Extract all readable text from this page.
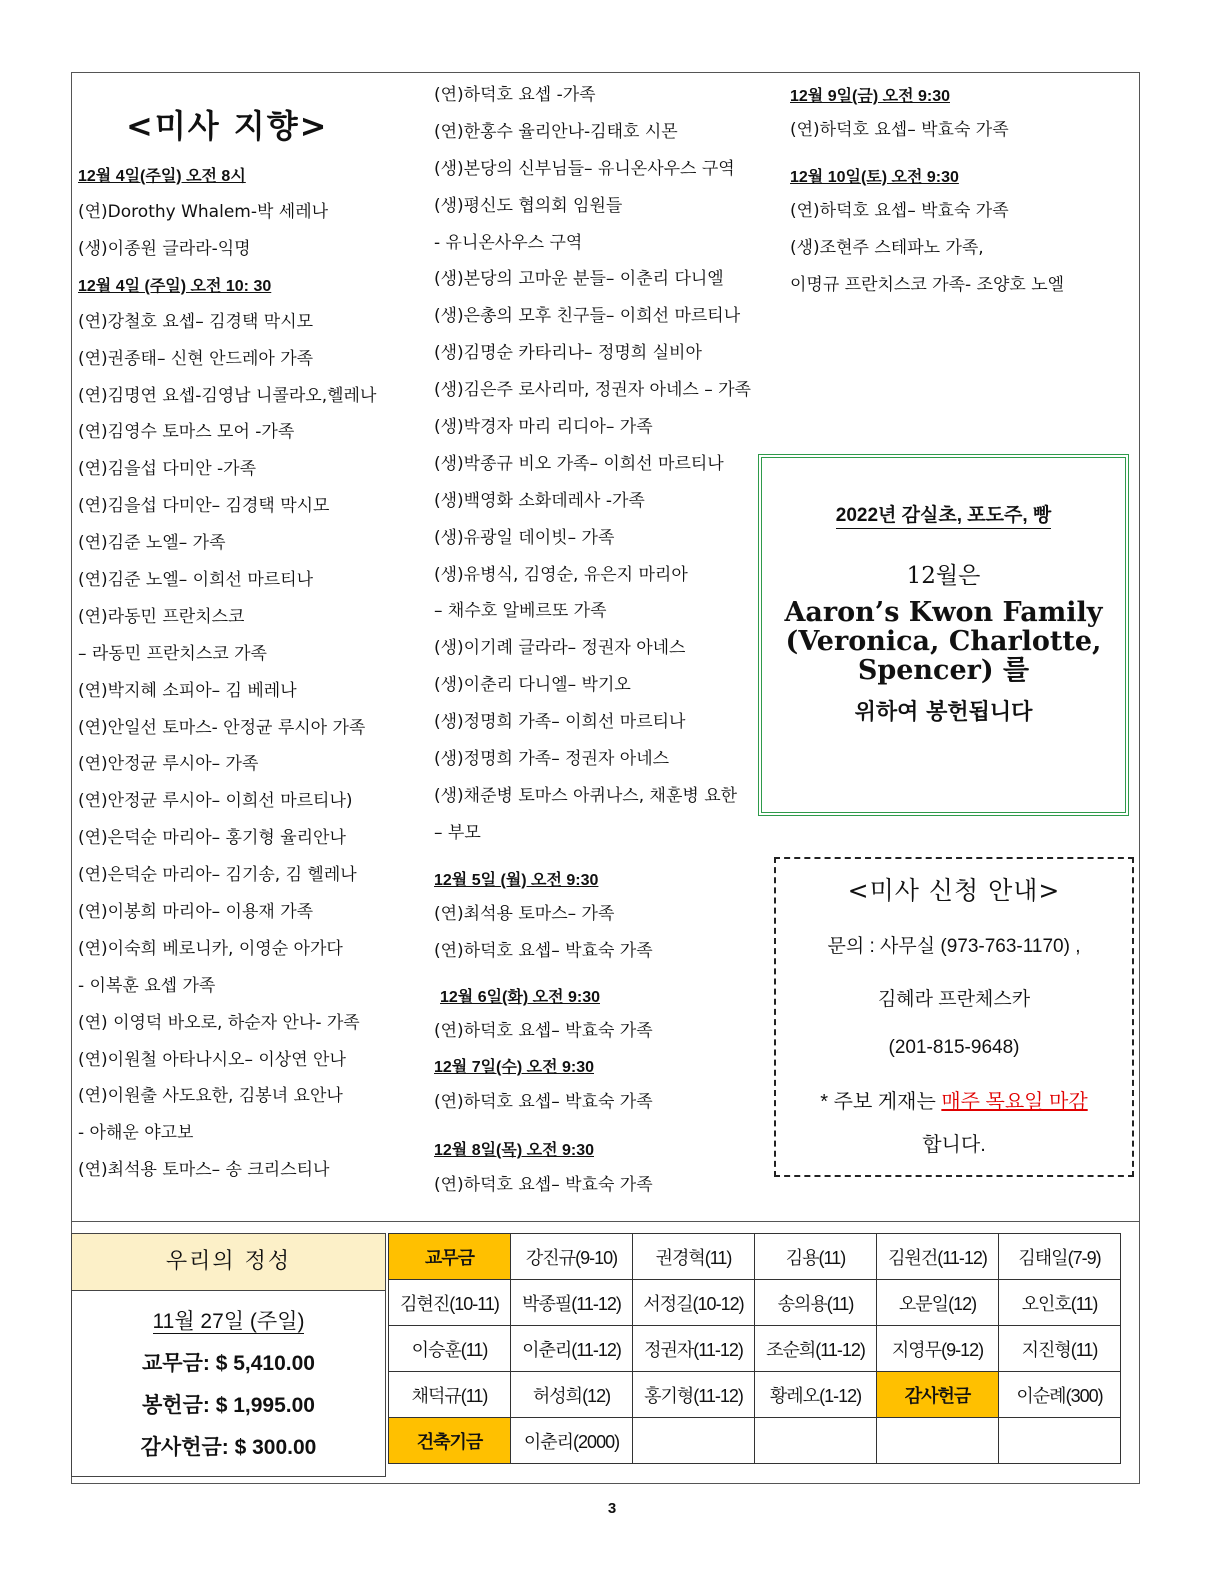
<미사 지향>
12월 4일(주일) 오전 8시
(연)Dorothy Whalem-박 세레나
(생)이종원 글라라-익명
12월 4일 (주일) 오전 10: 30
(연)강철호 요셉– 김경택 막시모
(연)권종태– 신현 안드레아 가족
(연)김명연 요셉-김영남 니콜라오,헬레나
(연)김영수 토마스 모어 -가족
(연)김을섭 다미안 -가족
(연)김을섭 다미안– 김경택 막시모
(연)김준 노엘– 가족
(연)김준 노엘– 이희선 마르티나
(연)라동민 프란치스코
– 라동민 프란치스코 가족
(연)박지혜 소피아– 김 베레나
(연)안일선 토마스- 안정균 루시아 가족
(연)안정균 루시아– 가족
(연)안정균 루시아– 이희선 마르티나)
(연)은덕순 마리아– 홍기형 율리안나
(연)은덕순 마리아– 김기송, 김 헬레나
(연)이봉희 마리아– 이용재 가족
(연)이숙희 베로니카, 이영순 아가다
- 이복훈 요셉 가족
(연) 이영덕 바오로, 하순자 안나- 가족
(연)이원철 아타나시오– 이상연 안나
(연)이원출 사도요한, 김봉녀 요안나
- 아해운 야고보
(연)최석용 토마스– 송 크리스티나
(연)하덕호 요셉 -가족
(연)한홍수 율리안나-김태호 시몬
(생)본당의 신부님들– 유니온사우스 구역
(생)평신도 협의회 임원들
- 유니온사우스 구역
(생)본당의 고마운 분들– 이춘리 다니엘
(생)은총의 모후 친구들– 이희선 마르티나
(생)김명순 카타리나– 정명희 실비아
(생)김은주 로사리마, 정권자 아네스 – 가족
(생)박경자 마리 리디아– 가족
(생)박종규 비오 가족– 이희선 마르티나
(생)백영화 소화데레사 -가족
(생)유광일 데이빗– 가족
(생)유병식, 김영순, 유은지 마리아
– 채수호 알베르또 가족
(생)이기례 글라라– 정권자 아네스
(생)이춘리 다니엘– 박기오
(생)정명희 가족– 이희선 마르티나
(생)정명희 가족– 정권자 아네스
(생)채준병 토마스 아퀴나스, 채훈병 요한
– 부모
12월 5일 (월) 오전 9:30
(연)최석용 토마스– 가족
(연)하덕호 요셉– 박효숙 가족
12월 6일(화) 오전 9:30
(연)하덕호 요셉– 박효숙 가족
12월 7일(수) 오전 9:30
(연)하덕호 요셉– 박효숙 가족
12월 8일(목) 오전 9:30
(연)하덕호 요셉– 박효숙 가족
12월 9일(금) 오전 9:30
(연)하덕호 요셉– 박효숙 가족
12월 10일(토) 오전 9:30
(연)하덕호 요셉– 박효숙 가족
(생)조현주 스테파노 가족,
이명규 프란치스코 가족- 조양호 노엘
2022년 감실초, 포도주, 빵
12월은
Aaron’s Kwon Family
(Veronica, Charlotte,
Spencer) 를
위하여 봉헌됩니다
<미사 신청 안내>
문의 : 사무실 (973-763-1170) ,
김혜라 프란체스카
(201-815-9648)
* 주보 게재는 매주 목요일 마감
합니다.
우리의 정성
11월 27일 (주일)
교무금: $ 5,410.00
봉헌금: $ 1,995.00
감사헌금: $ 300.00
교무금	강진규(9-10)	권경혁(11)	김용(11)	김원건(11-12)	김태일(7-9)
김현진(10-11)	박종필(11-12)	서정길(10-12)	송의용(11)	오문일(12)	오인호(11)
이승훈(11)	이춘리(11-12)	정권자(11-12)	조순희(11-12)	지영무(9-12)	지진형(11)
채덕규(11)	허성희(12)	홍기형(11-12)	황레오(1-12)	감사헌금	이순례(300)
건축기금	이춘리(2000)				
3
